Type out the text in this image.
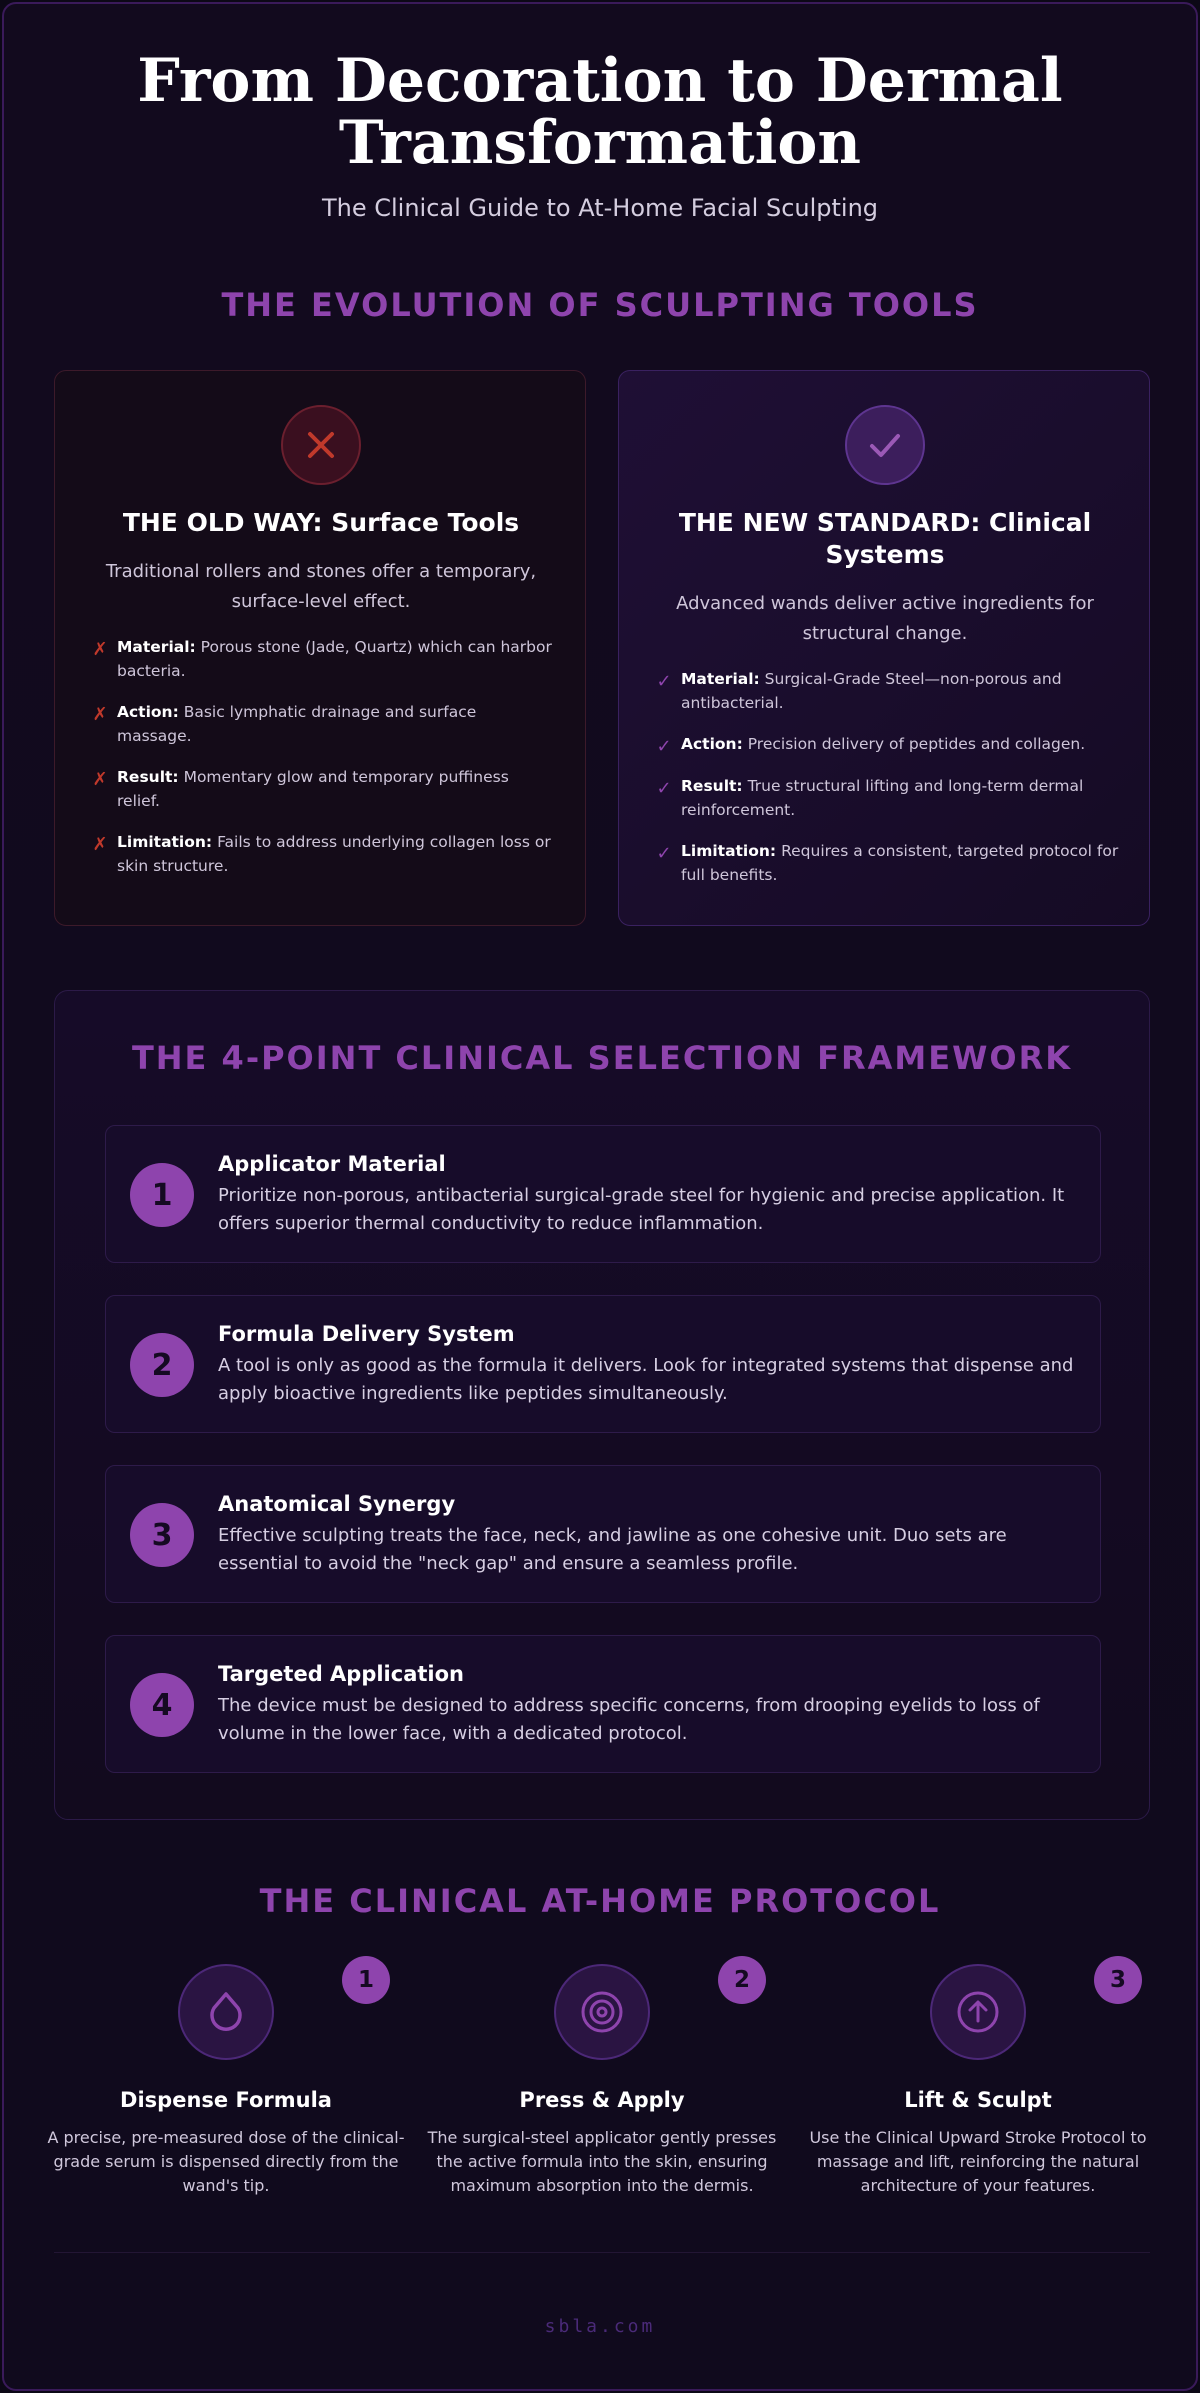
From Decoration to Dermal Transformation

The Clinical Guide to At-Home Facial Sculpting

THE EVOLUTION OF SCULPTING TOOLS
THE OLD WAY: Surface Tools
Traditional rollers and stones offer a temporary, surface-level effect.
✗ Material: Porous stone (Jade, Quartz) which can harbor bacteria.
✗ Action: Basic lymphatic drainage and surface massage.
✗ Result: Momentary glow and temporary puffiness relief.
✗ Limitation: Fails to address underlying collagen loss or skin structure.
THE NEW STANDARD: Clinical Systems
Advanced wands deliver active ingredients for structural change.
✓ Material: Surgical-Grade Steel—non-porous and antibacterial.
✓ Action: Precision delivery of peptides and collagen.
✓ Result: True structural lifting and long-term dermal reinforcement.
✓ Limitation: Requires a consistent, targeted protocol for full benefits.
THE 4-POINT CLINICAL SELECTION FRAMEWORK
1
Applicator Material
Prioritize non-porous, antibacterial surgical-grade steel for hygienic and precise application. It offers superior thermal conductivity to reduce inflammation.
2
Formula Delivery System
A tool is only as good as the formula it delivers. Look for integrated systems that dispense and apply bioactive ingredients like peptides simultaneously.
3
Anatomical Synergy
Effective sculpting treats the face, neck, and jawline as one cohesive unit. Duo sets are essential to avoid the "neck gap" and ensure a seamless profile.
4
Targeted Application
The device must be designed to address specific concerns, from drooping eyelids to loss of volume in the lower face, with a dedicated protocol.
THE CLINICAL AT-HOME PROTOCOL
1
Dispense Formula
A precise, pre-measured dose of the clinical-grade serum is dispensed directly from the wand's tip.
2
Press & Apply
The surgical-steel applicator gently presses the active formula into the skin, ensuring maximum absorption into the dermis.
3
Lift & Sculpt
Use the Clinical Upward Stroke Protocol to massage and lift, reinforcing the natural architecture of your features.
sbla.com
